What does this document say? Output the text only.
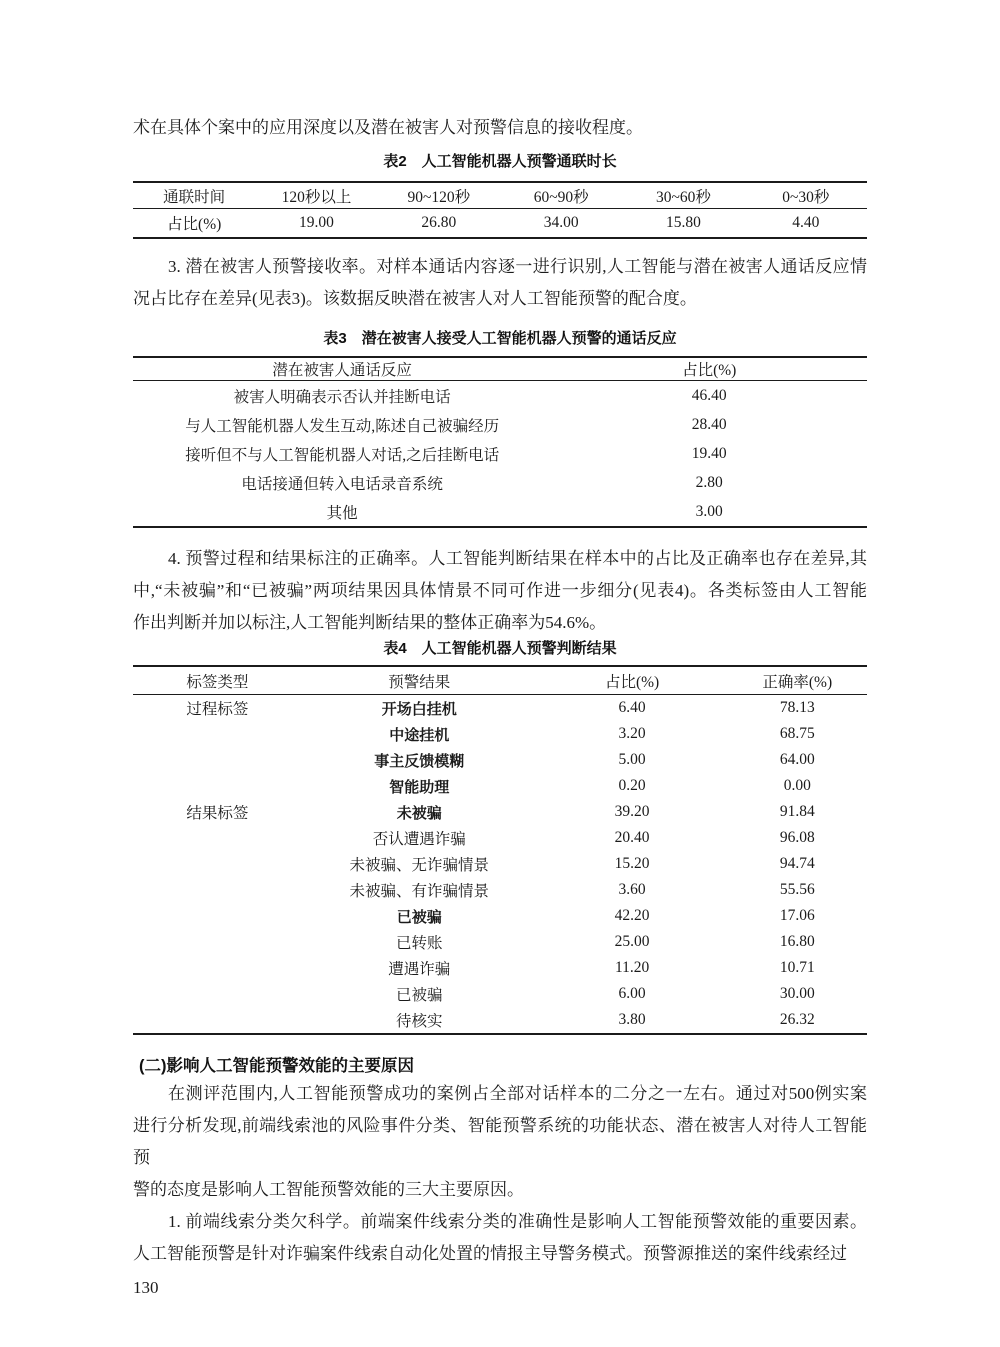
术在具体个案中的应用深度以及潜在被害人对预警信息的接收程度。

表2　人工智能机器人预警通联时长

通联时间	120秒以上	90~120秒	60~90秒	30~60秒	0~30秒
占比(%)	19.00	26.80	34.00	15.80	4.40
3. 潜在被害人预警接收率。对样本通话内容逐一进行识别,人工智能与潜在被害人通话反应情
况占比存在差异(见表3)。该数据反映潜在被害人对人工智能预警的配合度。

表3　潜在被害人接受人工智能机器人预警的通话反应

潜在被害人通话反应	占比(%)
被害人明确表示否认并挂断电话	46.40
与人工智能机器人发生互动,陈述自己被骗经历	28.40
接听但不与人工智能机器人对话,之后挂断电话	19.40
电话接通但转入电话录音系统	2.80
其他	3.00
4. 预警过程和结果标注的正确率。人工智能判断结果在样本中的占比及正确率也存在差异,其
中,“未被骗”和“已被骗”两项结果因具体情景不同可作进一步细分(见表4)。各类标签由人工智能
作出判断并加以标注,人工智能判断结果的整体正确率为54.6%。

表4　人工智能机器人预警判断结果

标签类型	预警结果	占比(%)	正确率(%)
过程标签	开场白挂机	6.40	78.13
	中途挂机	3.20	68.75
	事主反馈模糊	5.00	64.00
	智能助理	0.20	0.00
结果标签	未被骗	39.20	91.84
	否认遭遇诈骗	20.40	96.08
	未被骗、无诈骗情景	15.20	94.74
	未被骗、有诈骗情景	3.60	55.56
	已被骗	42.20	17.06
	已转账	25.00	16.80
	遭遇诈骗	11.20	10.71
	已被骗	6.00	30.00
	待核实	3.80	26.32
(二)影响人工智能预警效能的主要原因
在测评范围内,人工智能预警成功的案例占全部对话样本的二分之一左右。通过对500例实案
进行分析发现,前端线索池的风险事件分类、智能预警系统的功能状态、潜在被害人对待人工智能预
警的态度是影响人工智能预警效能的三大主要原因。
1. 前端线索分类欠科学。前端案件线索分类的准确性是影响人工智能预警效能的重要因素。
人工智能预警是针对诈骗案件线索自动化处置的情报主导警务模式。预警源推送的案件线索经过
130
